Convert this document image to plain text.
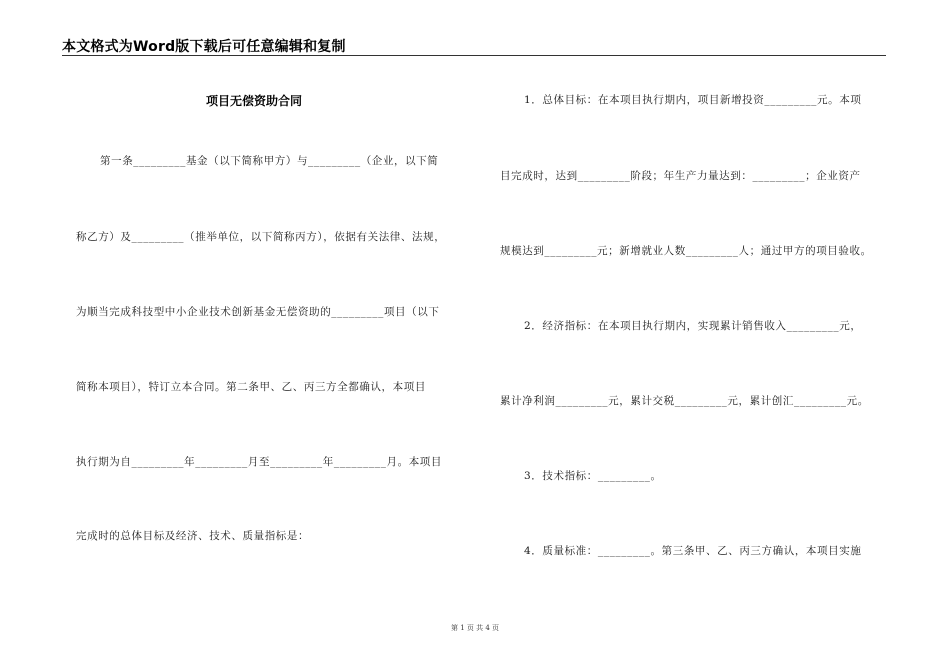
本文格式为Word版下载后可任意编辑和复制
项目无偿资助合同
第一条_________基金（以下简称甲方）与_________（企业，以下简
称乙方）及_________（推举单位，以下简称丙方），依据有关法律、法规，
为顺当完成科技型中小企业技术创新基金无偿资助的_________项目（以下
简称本项目），特订立本合同。第二条甲、乙、丙三方全都确认，本项目
执行期为自_________年_________月至_________年_________月。本项目
完成时的总体目标及经济、技术、质量指标是：
1．总体目标：在本项目执行期内，项目新增投资_________元。本项
目完成时，达到_________阶段；年生产力量达到：_________；企业资产
规模达到_________元；新增就业人数_________人；通过甲方的项目验收。
2．经济指标：在本项目执行期内，实现累计销售收入_________元，
累计净利润_________元，累计交税_________元，累计创汇_________元。
3．技术指标：_________。
4．质量标准：_________。第三条甲、乙、丙三方确认，本项目实施
第 1 页 共 4 页
